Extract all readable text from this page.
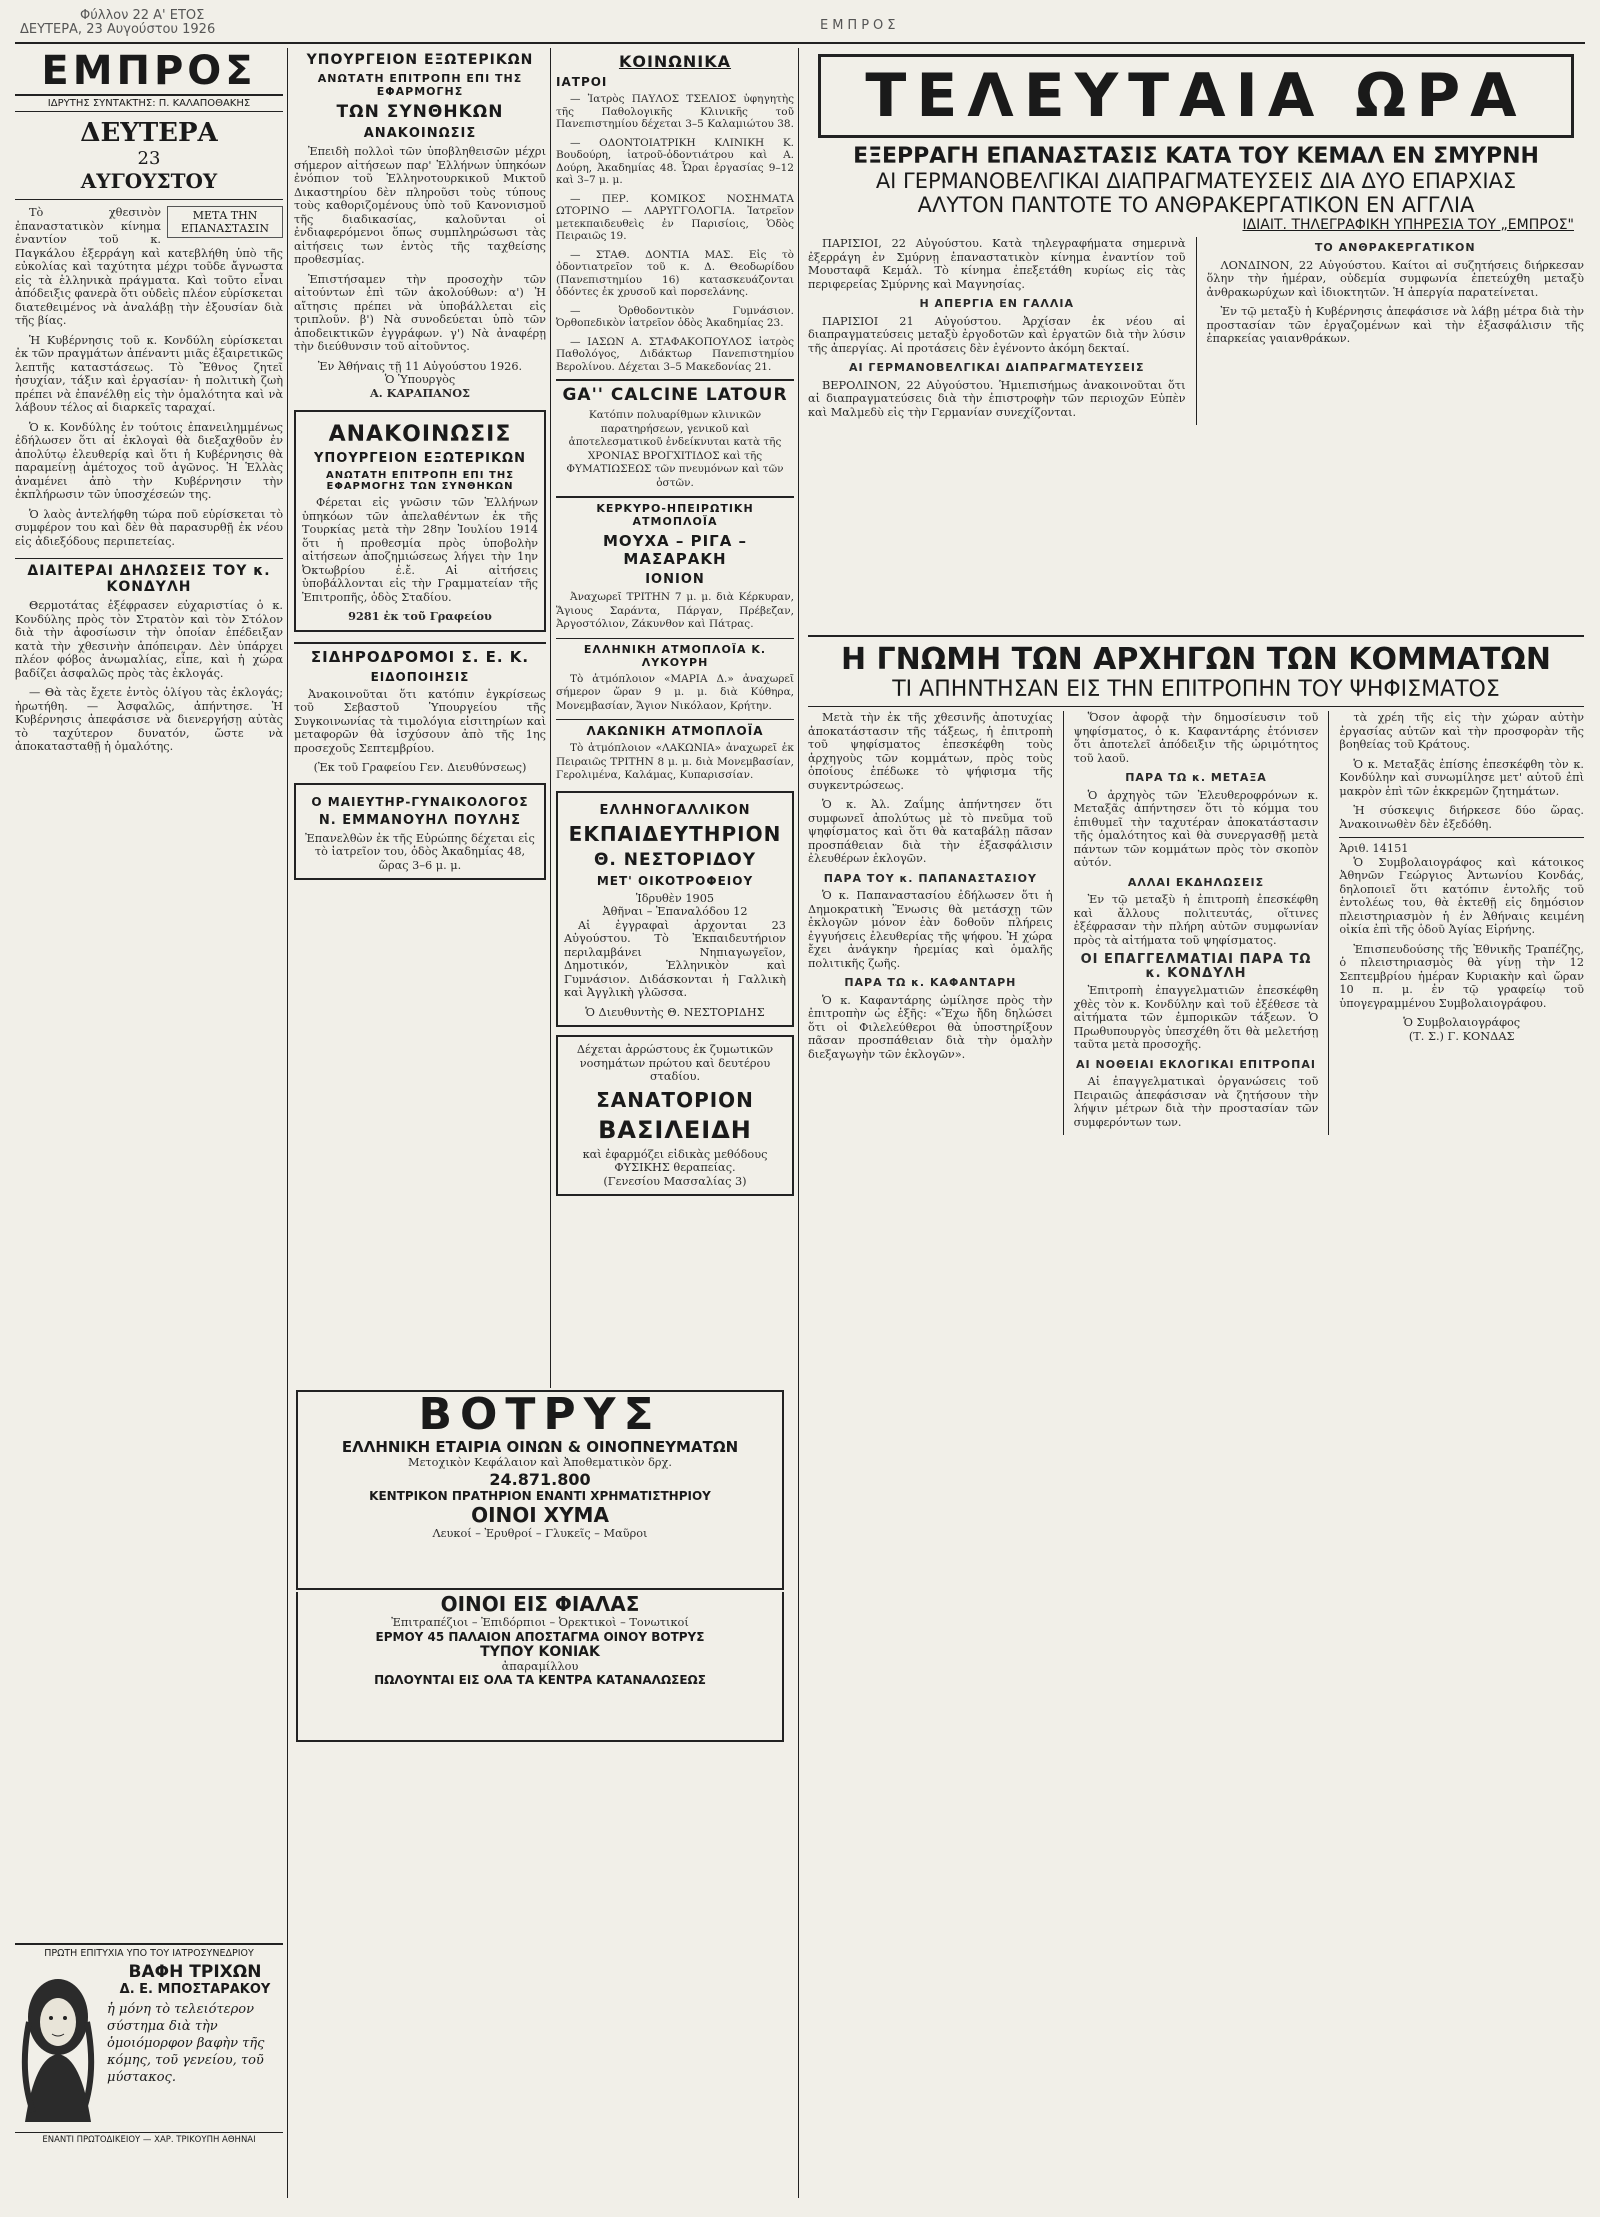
Φύλλον 22 Α' ΕΤΟΣ
ΔΕΥΤΕΡΑ, 23 Αυγούστου 1926	ΕΜΠΡΟΣ
ΕΜΠΡΟΣ
ΙΔΡΥΤΗΣ ΣΥΝΤΑΚΤΗΣ: Π. ΚΑΛΑΠΟΘΑΚΗΣ
ΔΕΥΤΕΡΑ
23
ΑΥΓΟΥΣΤΟΥ
ΜΕΤΑ ΤΗΝ ΕΠΑΝΑΣΤΑΣΙΝ

Τὸ χθεσινὸν ἐπαναστατικὸν κίνημα ἐναντίον τοῦ κ. Παγκάλου ἐξερράγη καὶ κατεβλήθη ὑπὸ τῆς εὐκολίας καὶ ταχύτητα μέχρι τοῦδε ἄγνωστα εἰς τὰ ἑλληνικὰ πράγματα. Καὶ τοῦτο εἶναι ἀπόδειξις φανερὰ ὅτι οὐδεὶς πλέον εὑρίσκεται διατεθειμένος νὰ ἀναλάβῃ τὴν ἐξουσίαν διὰ τῆς βίας.

Ἡ Κυβέρνησις τοῦ κ. Κονδύλη εὑρίσκεται ἐκ τῶν πραγμάτων ἀπέναντι μιᾶς ἐξαιρετικῶς λεπτῆς καταστάσεως. Τὸ Ἔθνος ζητεῖ ἡσυχίαν, τάξιν καὶ ἐργασίαν· ἡ πολιτικὴ ζωὴ πρέπει νὰ ἐπανέλθῃ εἰς τὴν ὁμαλότητα καὶ νὰ λάβουν τέλος αἱ διαρκεῖς ταραχαί.

Ὁ κ. Κονδύλης ἐν τούτοις ἐπανειλημμένως ἐδήλωσεν ὅτι αἱ ἐκλογαὶ θὰ διεξαχθοῦν ἐν ἀπολύτῳ ἐλευθερίᾳ καὶ ὅτι ἡ Κυβέρνησις θὰ παραμείνῃ ἀμέτοχος τοῦ ἀγῶνος. Ἡ Ἑλλὰς ἀναμένει ἀπὸ τὴν Κυβέρνησιν τὴν ἐκπλήρωσιν τῶν ὑποσχέσεών της.

Ὁ λαὸς ἀντελήφθη τώρα ποῦ εὑρίσκεται τὸ συμφέρον του καὶ δὲν θὰ παρασυρθῇ ἐκ νέου εἰς ἀδιεξόδους περιπετείας.

ΔΙΑΙΤΕΡΑΙ ΔΗΛΩΣΕΙΣ ΤΟΥ κ. ΚΟΝΔΥΛΗ

Θερμοτάτας ἐξέφρασεν εὐχαριστίας ὁ κ. Κονδύλης πρὸς τὸν Στρατὸν καὶ τὸν Στόλον διὰ τὴν ἀφοσίωσιν τὴν ὁποίαν ἐπέδειξαν κατὰ τὴν χθεσινὴν ἀπόπειραν. Δὲν ὑπάρχει πλέον φόβος ἀνωμαλίας, εἶπε, καὶ ἡ χώρα βαδίζει ἀσφαλῶς πρὸς τὰς ἐκλογάς.

— Θὰ τὰς ἔχετε ἐντὸς ὀλίγου τὰς ἐκλογάς; ἠρωτήθη. — Ἀσφαλῶς, ἀπήντησε. Ἡ Κυβέρνησις ἀπεφάσισε νὰ διενεργήσῃ αὐτὰς τὸ ταχύτερον δυνατόν, ὥστε νὰ ἀποκατασταθῇ ἡ ὁμαλότης.

ΠΡΩΤΗ ΕΠΙΤΥΧΙΑ ΥΠΟ ΤΟΥ ΙΑΤΡΟΣΥΝΕΔΡΙΟΥ
ΒΑΦΗ ΤΡΙΧΩΝ
Δ. Ε. ΜΠΟΣΤΑΡΑΚΟΥ
ἡ μόνη τὸ τελειότερον σύστημα διὰ τὴν ὁμοιόμορφον βαφὴν τῆς κόμης, τοῦ γενείου, τοῦ μύστακος.
ΕΝΑΝΤΙ ΠΡΩΤΟΔΙΚΕΙΟΥ — ΧΑΡ. ΤΡΙΚΟΥΠΗ ΑΘΗΝΑΙ
ΥΠΟΥΡΓΕΙΟΝ ΕΞΩΤΕΡΙΚΩΝ
ΑΝΩΤΑΤΗ ΕΠΙΤΡΟΠΗ ΕΠΙ ΤΗΣ ΕΦΑΡΜΟΓΗΣ
ΤΩΝ ΣΥΝΘΗΚΩΝ
ΑΝΑΚΟΙΝΩΣΙΣ

Ἐπειδὴ πολλοὶ τῶν ὑποβληθεισῶν μέχρι σήμερον αἰτήσεων παρ' Ἑλλήνων ὑπηκόων ἐνόπιον τοῦ Ἑλληνοτουρκικοῦ Μικτοῦ Δικαστηρίου δὲν πληροῦσι τοὺς τύπους τοὺς καθοριζομένους ὑπὸ τοῦ Κανονισμοῦ τῆς διαδικασίας, καλοῦνται οἱ ἐνδιαφερόμενοι ὅπως συμπληρώσωσι τὰς αἰτήσεις των ἐντὸς τῆς ταχθείσης προθεσμίας.

Ἐπιστήσαμεν τὴν προσοχὴν τῶν αἰτούντων ἐπὶ τῶν ἀκολούθων: α') Ἡ αἴτησις πρέπει νὰ ὑποβάλλεται εἰς τριπλοῦν. β') Νὰ συνοδεύεται ὑπὸ τῶν ἀποδεικτικῶν ἐγγράφων. γ') Νὰ ἀναφέρῃ τὴν διεύθυνσιν τοῦ αἰτοῦντος.

Ἐν Ἀθήναις τῇ 11 Αὐγούστου 1926.
Ὁ Ὑπουργὸς
Α. ΚΑΡΑΠΑΝΟΣ
ΑΝΑΚΟΙΝΩΣΙΣ
ΥΠΟΥΡΓΕΙΟΝ ΕΞΩΤΕΡΙΚΩΝ
ΑΝΩΤΑΤΗ ΕΠΙΤΡΟΠΗ ΕΠΙ ΤΗΣ ΕΦΑΡΜΟΓΗΣ ΤΩΝ ΣΥΝΘΗΚΩΝ

Φέρεται εἰς γνῶσιν τῶν Ἑλλήνων ὑπηκόων τῶν ἀπελαθέντων ἐκ τῆς Τουρκίας μετὰ τὴν 28ην Ἰουλίου 1914 ὅτι ἡ προθεσμία πρὸς ὑποβολὴν αἰτήσεων ἀποζημιώσεως λήγει τὴν 1ην Ὀκτωβρίου ἐ.ἔ. Αἱ αἰτήσεις ὑποβάλλονται εἰς τὴν Γραμματείαν τῆς Ἐπιτροπῆς, ὁδὸς Σταδίου.

9281 ἐκ τοῦ Γραφείου
ΣΙΔΗΡΟΔΡΟΜΟΙ Σ. Ε. Κ.
ΕΙΔΟΠΟΙΗΣΙΣ

Ἀνακοινοῦται ὅτι κατόπιν ἐγκρίσεως τοῦ Σεβαστοῦ Ὑπουργείου τῆς Συγκοινωνίας τὰ τιμολόγια εἰσιτηρίων καὶ μεταφορῶν θὰ ἰσχύσουν ἀπὸ τῆς 1ης προσεχοῦς Σεπτεμβρίου.

(Ἐκ τοῦ Γραφείου Γεν. Διευθύνσεως)
Ο ΜΑΙΕΥΤΗΡ-ΓΥΝΑΙΚΟΛΟΓΟΣ
Ν. ΕΜΜΑΝΟΥΗΛ ΠΟΥΛΗΣ
Ἐπανελθὼν ἐκ τῆς Εὐρώπης δέχεται εἰς τὸ ἰατρεῖον του, ὁδὸς Ἀκαδημίας 48, ὥρας 3–6 μ. μ.
ΚΟΙΝΩΝΙΚΑ
ΙΑΤΡΟΙ

— Ἰατρὸς ΠΑΥΛΟΣ ΤΣΕΛΙΟΣ ὑφηγητὴς τῆς Παθολογικῆς Κλινικῆς τοῦ Πανεπιστημίου δέχεται 3–5 Καλαμιώτου 38.

— ΟΔΟΝΤΟΙΑΤΡΙΚΗ ΚΛΙΝΙΚΗ Κ. Βουδούρη, ἰατροῦ-ὀδοντιάτρου καὶ Α. Δούρη, Ἀκαδημίας 48. Ὧραι ἐργασίας 9–12 καὶ 3–7 μ. μ.

— ΠΕΡ. ΚΟΜΙΚΟΣ ΝΟΣΗΜΑΤΑ ΩΤΟΡΙΝΟ — ΛΑΡΥΓΓΟΛΟΓΙΑ. Ἰατρεῖον μετεκπαιδευθεὶς ἐν Παρισίοις, Ὁδὸς Πειραιῶς 19.

— ΣΤΑΘ. ΔΟΝΤΙΑ ΜΑΣ. Εἰς τὸ ὀδοντιατρεῖον τοῦ κ. Δ. Θεοδωρίδου (Πανεπιστημίου 16) κατασκευάζονται ὀδόντες ἐκ χρυσοῦ καὶ πορσελάνης.

— Ὀρθοδοντικὸν Γυμνάσιον. Ὀρθοπεδικὸν ἰατρεῖον ὁδὸς Ἀκαδημίας 23.

— ΙΑΣΩΝ Α. ΣΤΑΦΑΚΟΠΟΥΛΟΣ ἰατρὸς Παθολόγος, Διδάκτωρ Πανεπιστημίου Βερολίνου. Δέχεται 3–5 Μακεδονίας 21.

GA'' CALCINE LATOUR
Κατόπιν πολυαρίθμων κλινικῶν παρατηρήσεων, γενικοῦ καὶ ἀποτελεσματικοῦ ἐνδείκνυται κατὰ τῆς ΧΡΟΝΙΑΣ ΒΡΟΓΧΙΤΙΔΟΣ καὶ τῆς ΦΥΜΑΤΙΩΣΕΩΣ τῶν πνευμόνων καὶ τῶν ὀστῶν.
ΚΕΡΚΥΡΟ-ΗΠΕΙΡΩΤΙΚΗ ΑΤΜΟΠΛΟΪΑ
ΜΟΥΧΑ – ΡΙΓΑ – ΜΑΣΑΡΑΚΗ
ΙΟΝΙΟΝ

Ἀναχωρεῖ ΤΡΙΤΗΝ 7 μ. μ. διὰ Κέρκυραν, Ἅγιους Σαράντα, Πάργαν, Πρέβεζαν, Ἀργοστόλιον, Ζάκυνθον καὶ Πάτρας.

ΕΛΛΗΝΙΚΗ ΑΤΜΟΠΛΟΪΑ Κ. ΛΥΚΟΥΡΗ

Τὸ ἀτμόπλοιον «ΜΑΡΙΑ Δ.» ἀναχωρεῖ σήμερον ὥραν 9 μ. μ. διὰ Κύθηρα, Μονεμβασίαν, Ἄγιον Νικόλαον, Κρήτην.

ΛΑΚΩΝΙΚΗ ΑΤΜΟΠΛΟΪΑ

Τὸ ἀτμόπλοιον «ΛΑΚΩΝΙΑ» ἀναχωρεῖ ἐκ Πειραιῶς ΤΡΙΤΗΝ 8 μ. μ. διὰ Μονεμβασίαν, Γερολιμένα, Καλάμας, Κυπαρισσίαν.

ΕΛΛΗΝΟΓΑΛΛΙΚΟΝ
ΕΚΠΑΙΔΕΥΤΗΡΙΟΝ
Θ. ΝΕΣΤΟΡΙΔΟΥ
ΜΕΤ' ΟΙΚΟΤΡΟΦΕΙΟΥ
Ἱδρυθὲν 1905
Ἀθῆναι – Ἐπαναλόδου 12

Αἱ ἐγγραφαὶ ἀρχονται 23 Αὐγούστου. Τὸ Ἐκπαιδευτήριον περιλαμβάνει Νηπιαγωγεῖον, Δημοτικόν, Ἑλληνικὸν καὶ Γυμνάσιον. Διδάσκονται ἡ Γαλλικὴ καὶ Ἀγγλικὴ γλῶσσα.

Ὁ Διευθυντὴς Θ. ΝΕΣΤΟΡΙΔΗΣ
Δέχεται ἀρρώστους ἐκ ζυμωτικῶν νοσημάτων πρώτου καὶ δευτέρου σταδίου.
ΣΑΝΑΤΟΡΙΟΝ
ΒΑΣΙΛΕΙΔΗ
καὶ ἐφαρμόζει εἰδικὰς μεθόδους ΦΥΣΙΚΗΣ θεραπείας.
(Γενεσίου Μασσαλίας 3)
ΒΟΤΡΥΣ
ΕΛΛΗΝΙΚΗ ΕΤΑΙΡΙΑ ΟΙΝΩΝ & ΟΙΝΟΠΝΕΥΜΑΤΩΝ
Μετοχικὸν Κεφάλαιον καὶ Ἀποθεματικὸν δρχ.
24.871.800
ΚΕΝΤΡΙΚΟΝ ΠΡΑΤΗΡΙΟΝ ΕΝΑΝΤΙ ΧΡΗΜΑΤΙΣΤΗΡΙΟΥ
ΟΙΝΟΙ ΧΥΜΑ
Λευκοί – Ἐρυθροί – Γλυκεῖς – Μαῦροι
ΟΙΝΟΙ ΕΙΣ ΦΙΑΛΑΣ
Ἐπιτραπέζιοι – Ἐπιδόρπιοι – Ὀρεκτικοὶ – Τονωτικοί
ΕΡΜΟΥ 45 ΠΑΛΑΙΟΝ ΑΠΟΣΤΑΓΜΑ ΟΙΝΟΥ ΒΟΤΡΥΣ
ΤΥΠΟΥ ΚΟΝΙΑΚ
ἀπαραμίλλου
ΠΩΛΟΥΝΤΑΙ ΕΙΣ ΟΛΑ ΤΑ ΚΕΝΤΡΑ ΚΑΤΑΝΑΛΩΣΕΩΣ
ΤΕΛΕΥΤΑΙΑ ΩΡΑ
ΕΞΕΡΡΑΓΗ ΕΠΑΝΑΣΤΑΣΙΣ ΚΑΤΑ ΤΟΥ ΚΕΜΑΛ ΕΝ ΣΜΥΡΝΗ
ΑΙ ΓΕΡΜΑΝΟΒΕΛΓΙΚΑΙ ΔΙΑΠΡΑΓΜΑΤΕΥΣΕΙΣ ΔΙΑ ΔΥΟ ΕΠΑΡΧΙΑΣ
ΑΛΥΤΟΝ ΠΑΝΤΟΤΕ ΤΟ ΑΝΘΡΑΚΕΡΓΑΤΙΚΟΝ ΕΝ ΑΓΓΛΙΑ
ΙΔΙΑΙΤ. ΤΗΛΕΓΡΑΦΙΚΗ ΥΠΗΡΕΣΙΑ ΤΟΥ „ΕΜΠΡΟΣ"

ΠΑΡΙΣΙΟΙ, 22 Αὐγούστου. Κατὰ τηλεγραφήματα σημερινὰ ἐξερράγη ἐν Σμύρνῃ ἐπαναστατικὸν κίνημα ἐναντίον τοῦ Μουσταφᾶ Κεμάλ. Τὸ κίνημα ἐπεξετάθη κυρίως εἰς τὰς περιφερείας Σμύρνης καὶ Μαγνησίας.

Η ΑΠΕΡΓΙΑ ΕΝ ΓΑΛΛΙΑ

ΠΑΡΙΣΙΟΙ 21 Αὐγούστου. Ἀρχίσαν ἐκ νέου αἱ διαπραγματεύσεις μεταξὺ ἐργοδοτῶν καὶ ἐργατῶν διὰ τὴν λύσιν τῆς ἀπεργίας. Αἱ προτάσεις δὲν ἐγένοντο ἀκόμη δεκταί.

ΑΙ ΓΕΡΜΑΝΟΒΕΛΓΙΚΑΙ ΔΙΑΠΡΑΓΜΑΤΕΥΣΕΙΣ

ΒΕΡΟΛΙΝΟΝ, 22 Αὐγούστου. Ἡμιεπισήμως ἀνακοινοῦται ὅτι αἱ διαπραγματεύσεις διὰ τὴν ἐπιστροφὴν τῶν περιοχῶν Εὐπὲν καὶ Μαλμεδὺ εἰς τὴν Γερμανίαν συνεχίζονται.

ΤΟ ΑΝΘΡΑΚΕΡΓΑΤΙΚΟΝ

ΛΟΝΔΙΝΟΝ, 22 Αὐγούστου. Καίτοι αἱ συζητήσεις διήρκεσαν ὅλην τὴν ἡμέραν, οὐδεμία συμφωνία ἐπετεύχθη μεταξὺ ἀνθρακωρύχων καὶ ἰδιοκτητῶν. Ἡ ἀπεργία παρατείνεται.

Ἐν τῷ μεταξὺ ἡ Κυβέρνησις ἀπεφάσισε νὰ λάβῃ μέτρα διὰ τὴν προστασίαν τῶν ἐργαζομένων καὶ τὴν ἐξασφάλισιν τῆς ἐπαρκείας γαιανθράκων.

Η ΓΝΩΜΗ ΤΩΝ ΑΡΧΗΓΩΝ ΤΩΝ ΚΟΜΜΑΤΩΝ
ΤΙ ΑΠΗΝΤΗΣΑΝ ΕΙΣ ΤΗΝ ΕΠΙΤΡΟΠΗΝ ΤΟΥ ΨΗΦΙΣΜΑΤΟΣ

Μετὰ τὴν ἐκ τῆς χθεσινῆς ἀποτυχίας ἀποκατάστασιν τῆς τάξεως, ἡ ἐπιτροπὴ τοῦ ψηφίσματος ἐπεσκέφθη τοὺς ἀρχηγοὺς τῶν κομμάτων, πρὸς τοὺς ὁποίους ἐπέδωκε τὸ ψήφισμα τῆς συγκεντρώσεως.

Ὁ κ. Ἀλ. Ζαΐμης ἀπήντησεν ὅτι συμφωνεῖ ἀπολύτως μὲ τὸ πνεῦμα τοῦ ψηφίσματος καὶ ὅτι θὰ καταβάλῃ πᾶσαν προσπάθειαν διὰ τὴν ἐξασφάλισιν ἐλευθέρων ἐκλογῶν.

ΠΑΡΑ ΤΟΥ κ. ΠΑΠΑΝΑΣΤΑΣΙΟΥ

Ὁ κ. Παπαναστασίου ἐδήλωσεν ὅτι ἡ Δημοκρατικὴ Ἕνωσις θὰ μετάσχῃ τῶν ἐκλογῶν μόνον ἐὰν δοθοῦν πλήρεις ἐγγυήσεις ἐλευθερίας τῆς ψήφου. Ἡ χώρα ἔχει ἀνάγκην ἠρεμίας καὶ ὁμαλῆς πολιτικῆς ζωῆς.

ΠΑΡΑ ΤΩ κ. ΚΑΦΑΝΤΑΡΗ

Ὁ κ. Καφαντάρης ὡμίλησε πρὸς τὴν ἐπιτροπὴν ὡς ἑξῆς: «Ἔχω ἤδη δηλώσει ὅτι οἱ Φιλελεύθεροι θὰ ὑποστηρίξουν πᾶσαν προσπάθειαν διὰ τὴν ὁμαλὴν διεξαγωγὴν τῶν ἐκλογῶν».

Ὅσον ἀφορᾷ τὴν δημοσίευσιν τοῦ ψηφίσματος, ὁ κ. Καφαντάρης ἐτόνισεν ὅτι ἀποτελεῖ ἀπόδειξιν τῆς ὡριμότητος τοῦ λαοῦ.

ΠΑΡΑ ΤΩ κ. ΜΕΤΑΞΑ

Ὁ ἀρχηγὸς τῶν Ἐλευθεροφρόνων κ. Μεταξᾶς ἀπήντησεν ὅτι τὸ κόμμα του ἐπιθυμεῖ τὴν ταχυτέραν ἀποκατάστασιν τῆς ὁμαλότητος καὶ θὰ συνεργασθῇ μετὰ πάντων τῶν κομμάτων πρὸς τὸν σκοπὸν αὐτόν.

ΑΛΛΑΙ ΕΚΔΗΛΩΣΕΙΣ

Ἐν τῷ μεταξὺ ἡ ἐπιτροπὴ ἐπεσκέφθη καὶ ἄλλους πολιτευτάς, οἵτινες ἐξέφρασαν τὴν πλήρη αὐτῶν συμφωνίαν πρὸς τὰ αἰτήματα τοῦ ψηφίσματος.

ΟΙ ΕΠΑΓΓΕΛΜΑΤΙΑΙ ΠΑΡΑ ΤΩ κ. ΚΟΝΔΥΛΗ

Ἐπιτροπὴ ἐπαγγελματιῶν ἐπεσκέφθη χθὲς τὸν κ. Κονδύλην καὶ τοῦ ἐξέθεσε τὰ αἰτήματα τῶν ἐμπορικῶν τάξεων. Ὁ Πρωθυπουργὸς ὑπεσχέθη ὅτι θὰ μελετήσῃ ταῦτα μετὰ προσοχῆς.

ΑΙ ΝΟΘΕΙΑΙ ΕΚΛΟΓΙΚΑΙ ΕΠΙΤΡΟΠΑΙ

Αἱ ἐπαγγελματικαὶ ὀργανώσεις τοῦ Πειραιῶς ἀπεφάσισαν νὰ ζητήσουν τὴν λήψιν μέτρων διὰ τὴν προστασίαν τῶν συμφερόντων των.

τὰ χρέη τῆς εἰς τὴν χώραν αὐτὴν ἐργασίας αὐτῶν καὶ τὴν προσφορὰν τῆς βοηθείας τοῦ Κράτους.

Ὁ κ. Μεταξᾶς ἐπίσης ἐπεσκέφθη τὸν κ. Κονδύλην καὶ συνωμίλησε μετ' αὐτοῦ ἐπὶ μακρὸν ἐπὶ τῶν ἐκκρεμῶν ζητημάτων.

Ἡ σύσκεψις διήρκεσε δύο ὥρας. Ἀνακοινωθὲν δὲν ἐξεδόθη.

Ἀριθ. 14151

Ὁ Συμβολαιογράφος καὶ κάτοικος Ἀθηνῶν Γεώργιος Ἀντωνίου Κονδάς, δηλοποιεῖ ὅτι κατόπιν ἐντολῆς τοῦ ἐντολέως του, θὰ ἐκτεθῇ εἰς δημόσιον πλειστηριασμὸν ἡ ἐν Ἀθήναις κειμένη οἰκία ἐπὶ τῆς ὁδοῦ Ἀγίας Εἰρήνης.

Ἐπισπευδούσης τῆς Ἐθνικῆς Τραπέζης, ὁ πλειστηριασμὸς θὰ γίνῃ τὴν 12 Σεπτεμβρίου ἡμέραν Κυριακὴν καὶ ὥραν 10 π. μ. ἐν τῷ γραφείῳ τοῦ ὑπογεγραμμένου Συμβολαιογράφου.

Ὁ Συμβολαιογράφος
(Τ. Σ.) Γ. ΚΟΝΔΑΣ
